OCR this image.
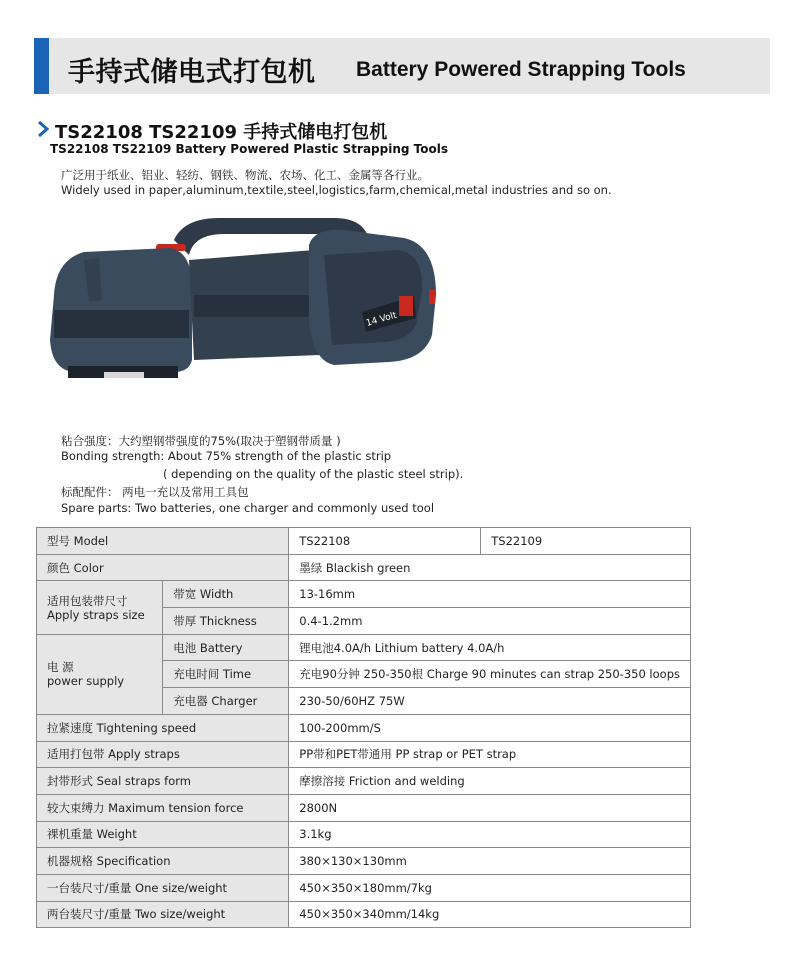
手持式储电式打包机 Battery Powered Strapping Tools
TS22108 TS22109 手持式储电打包机
TS22108 TS22109 Battery Powered Plastic Strapping Tools
广泛用于纸业、铝业、轻纺、钢铁、物流、农场、化工、金属等各行业。
Widely used in paper,aluminum,textile,steel,logistics,farm,chemical,metal industries and so on.
14 Volt
粘合强度：大约塑钢带强度的75%(取决于塑钢带质量 )
Bonding strength: About 75% strength of the plastic strip
( depending on the quality of the plastic steel strip).
标配配件： 两电一充以及常用工具包
Spare parts: Two batteries, one charger and commonly used tool
型号 Model		TS22108	TS22109
颜色 Color		墨绿 Blackish green	

适用包装带尺寸
Apply straps size	带宽 Width	13-16mm	
	带厚 Thickness	0.4-1.2mm	

电 源
power supply	电池 Battery	锂电池4.0A/h Lithium battery 4.0A/h	
	充电时间 Time	充电90分钟 250-350根 Charge 90 minutes can strap 250-350 loops	
	充电器 Charger	230-50/60HZ 75W	
拉紧速度 Tightening speed		100-200mm/S	
适用打包带 Apply straps		PP带和PET带通用 PP strap or PET strap	
封带形式 Seal straps form		摩擦溶接 Friction and welding	
较大束缚力 Maximum tension force		2800N	
裸机重量 Weight		3.1kg	
机器规格 Specification		380×130×130mm	
一台装尺寸/重量 One size/weight		450×350×180mm/7kg	
两台装尺寸/重量 Two size/weight		450×350×340mm/14kg	
